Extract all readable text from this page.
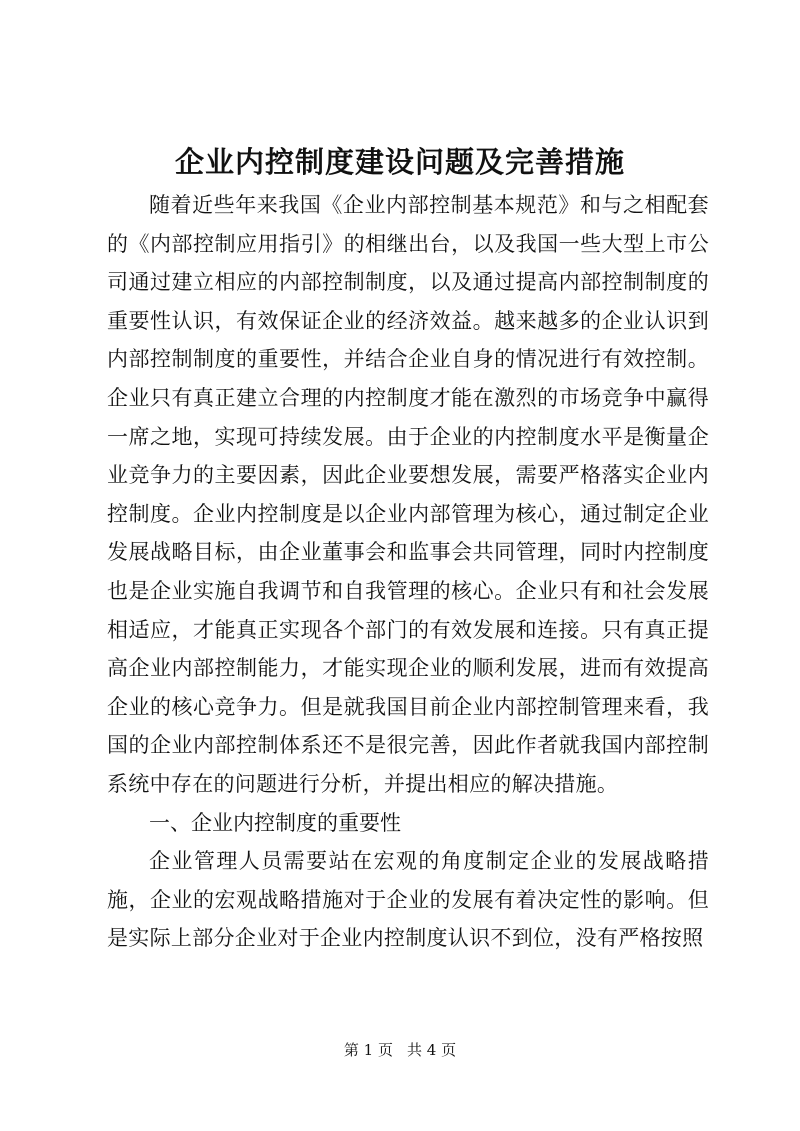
企业内控制度建设问题及完善措施

随着近些年来我国《企业内部控制基本规范》和与之相配套的《内部控制应用指引》的相继出台，以及我国一些大型上市公司通过建立相应的内部控制制度，以及通过提高内部控制制度的重要性认识，有效保证企业的经济效益。越来越多的企业认识到内部控制制度的重要性，并结合企业自身的情况进行有效控制。企业只有真正建立合理的内控制度才能在激烈的市场竞争中赢得一席之地，实现可持续发展。由于企业的内控制度水平是衡量企业竞争力的主要因素，因此企业要想发展，需要严格落实企业内控制度。企业内控制度是以企业内部管理为核心，通过制定企业发展战略目标，由企业董事会和监事会共同管理，同时内控制度也是企业实施自我调节和自我管理的核心。企业只有和社会发展相适应，才能真正实现各个部门的有效发展和连接。只有真正提高企业内部控制能力，才能实现企业的顺利发展，进而有效提高企业的核心竞争力。但是就我国目前企业内部控制管理来看，我国的企业内部控制体系还不是很完善，因此作者就我国内部控制系统中存在的问题进行分析，并提出相应的解决措施。

一、企业内控制度的重要性

企业管理人员需要站在宏观的角度制定企业的发展战略措施，企业的宏观战略措施对于企业的发展有着决定性的影响。但是实际上部分企业对于企业内控制度认识不到位，没有严格按照

第 1 页 共 4 页
